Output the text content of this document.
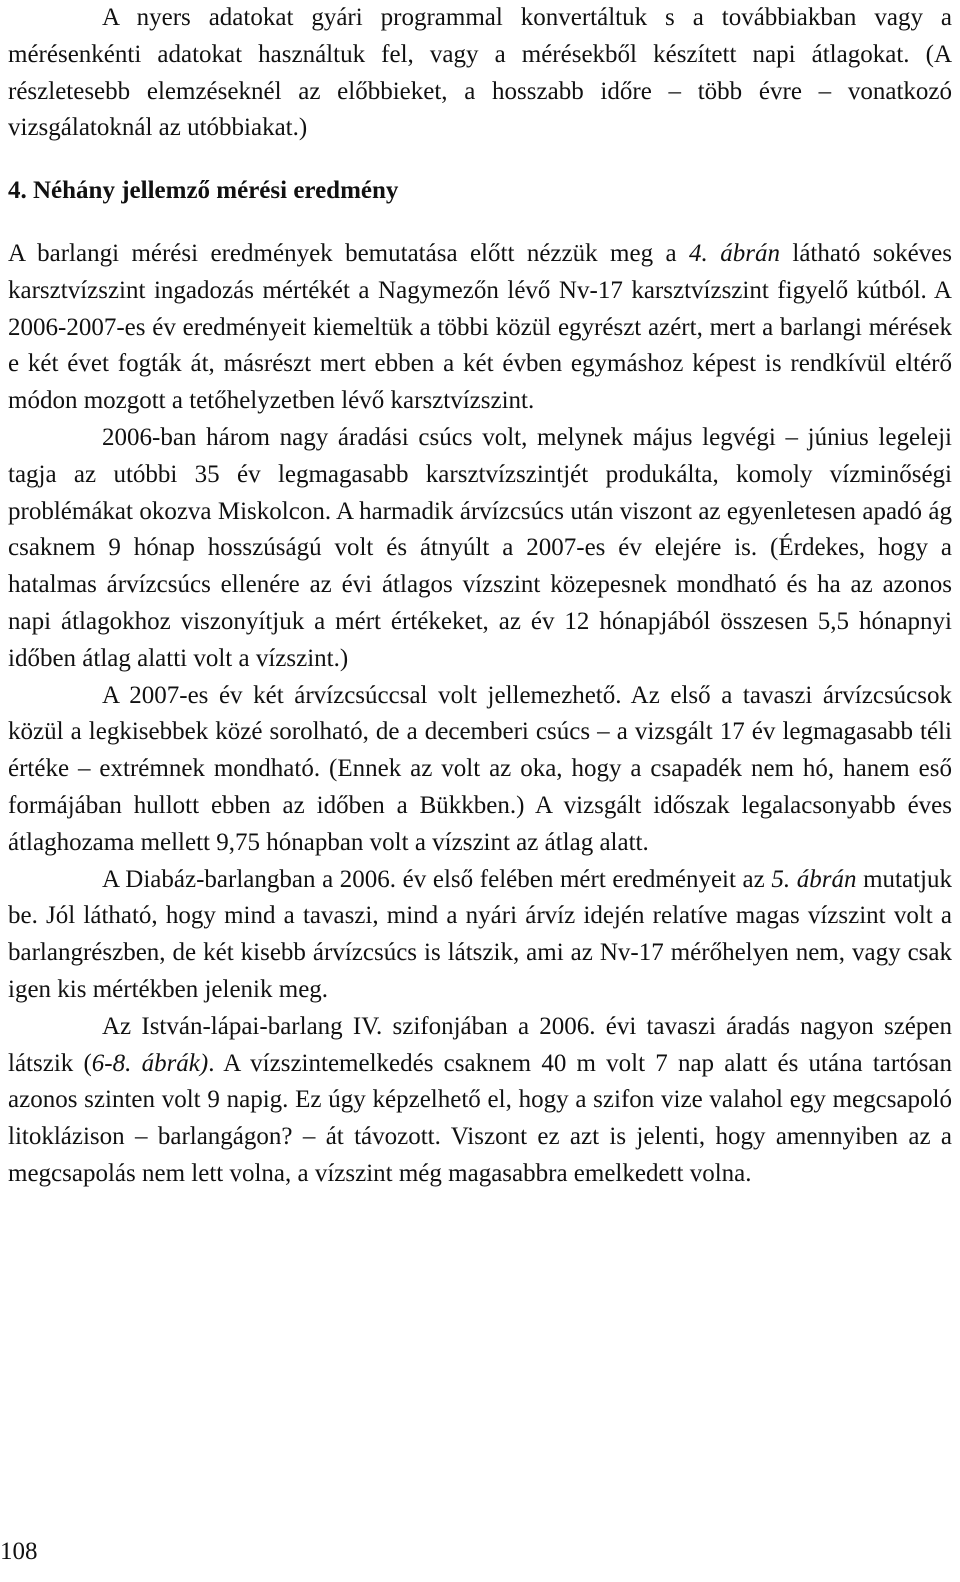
A nyers adatokat gyári programmal konvertáltuk s a továbbiakban vagy a mérésenkénti adatokat használtuk fel, vagy a mérésekből készített napi átlagokat. (A részletesebb elemzéseknél az előbbieket, a hosszabb időre – több évre – vonatkozó vizsgálatoknál az utóbbiakat.)

4. Néhány jellemző mérési eredmény

A barlangi mérési eredmények bemutatása előtt nézzük meg a 4. ábrán látható sokéves karsztvízszint ingadozás mértékét a Nagymezőn lévő Nv-17 karsztvízszint figyelő kútból. A 2006-2007-es év eredményeit kiemeltük a többi közül egyrészt azért, mert a barlangi mérések e két évet fogták át, másrészt mert ebben a két évben egymáshoz képest is rendkívül eltérő módon mozgott a tetőhelyzetben lévő karsztvízszint.

2006-ban három nagy áradási csúcs volt, melynek május legvégi – június legeleji tagja az utóbbi 35 év legmagasabb karsztvízszintjét produkálta, komoly vízminőségi problémákat okozva Miskolcon. A harmadik árvízcsúcs után viszont az egyenletesen apadó ág csaknem 9 hónap hosszúságú volt és átnyúlt a 2007-es év elejére is. (Érdekes, hogy a hatalmas árvízcsúcs ellenére az évi átlagos vízszint közepesnek mondható és ha az azonos napi átlagokhoz viszonyítjuk a mért értékeket, az év 12 hónapjából összesen 5,5 hónapnyi időben átlag alatti volt a vízszint.)

A 2007-es év két árvízcsúccsal volt jellemezhető. Az első a tavaszi árvízcsúcsok közül a legkisebbek közé sorolható, de a decemberi csúcs – a vizsgált 17 év legmagasabb téli értéke – extrémnek mondható. (Ennek az volt az oka, hogy a csapadék nem hó, hanem eső formájában hullott ebben az időben a Bükkben.) A vizsgált időszak legalacsonyabb éves átlaghozama mellett 9,75 hónapban volt a vízszint az átlag alatt.

A Diabáz-barlangban a 2006. év első felében mért eredményeit az 5. ábrán mutatjuk be. Jól látható, hogy mind a tavaszi, mind a nyári árvíz idején relatíve magas vízszint volt a barlangrészben, de két kisebb árvízcsúcs is látszik, ami az Nv-17 mérőhelyen nem, vagy csak igen kis mértékben jelenik meg.

Az István-lápai-barlang IV. szifonjában a 2006. évi tavaszi áradás nagyon szépen látszik (6-8. ábrák). A vízszintemelkedés csaknem 40 m volt 7 nap alatt és utána tartósan azonos szinten volt 9 napig. Ez úgy képzelhető el, hogy a szifon vize valahol egy megcsapoló litoklázison – barlangágon? – át távozott. Viszont ez azt is jelenti, hogy amennyiben az a megcsapolás nem lett volna, a vízszint még magasabbra emelkedett volna.

108
